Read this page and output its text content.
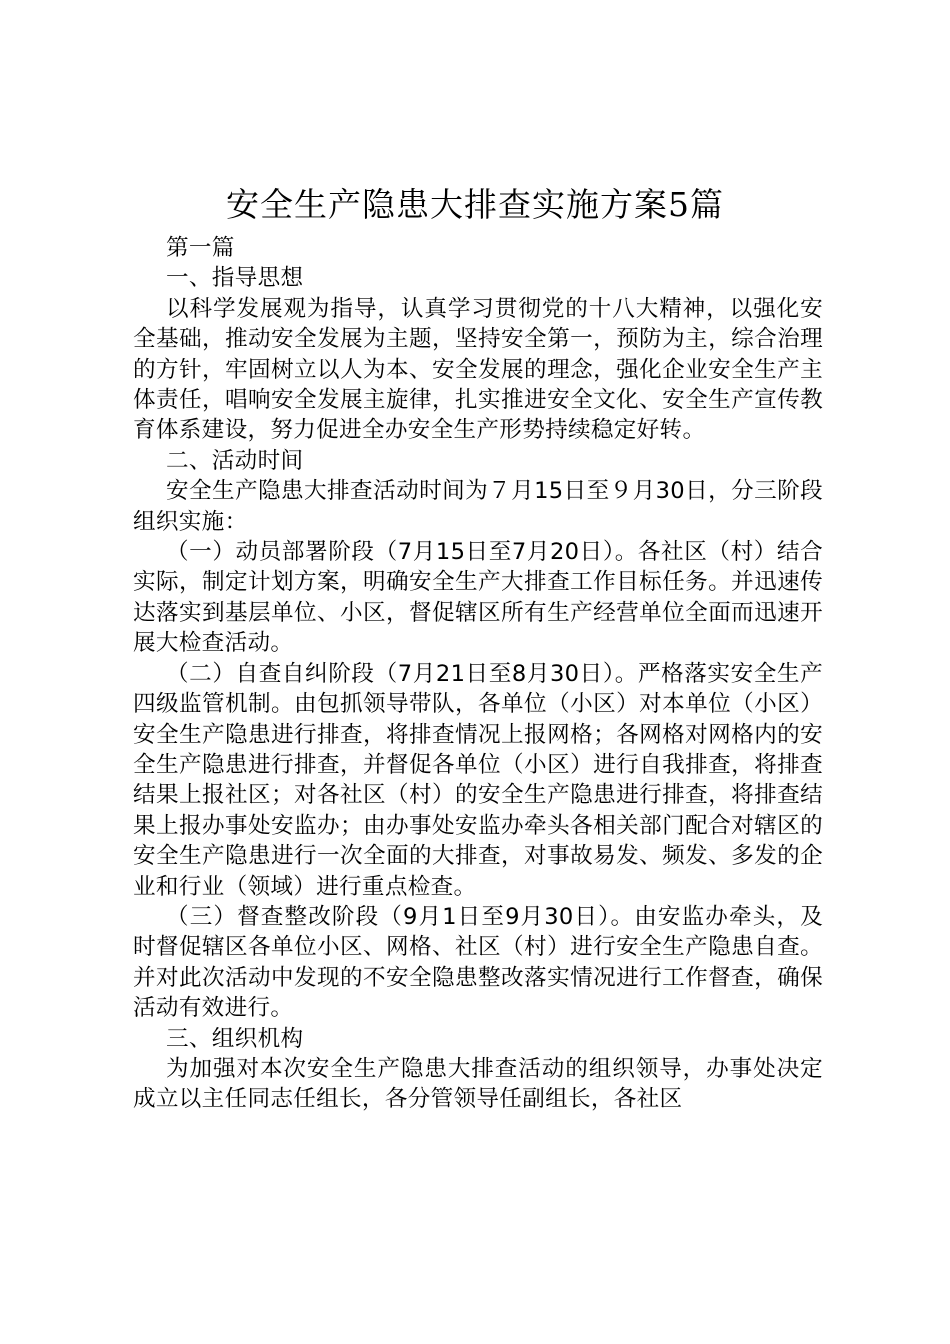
安全生产隐患大排查实施方案5篇

第一篇

一、指导思想

以科学发展观为指导，认真学习贯彻党的十八大精神，以强化安全基础，推动安全发展为主题，坚持安全第一，预防为主，综合治理的方针，牢固树立以人为本、安全发展的理念，强化企业安全生产主体责任，唱响安全发展主旋律，扎实推进安全文化、安全生产宣传教育体系建设，努力促进全办安全生产形势持续稳定好转。

二、活动时间

安全生产隐患大排查活动时间为７月15日至９月30日，分三阶段组织实施：

（一）动员部署阶段（7月15日至7月20日）。各社区（村）结合实际，制定计划方案，明确安全生产大排查工作目标任务。并迅速传达落实到基层单位、小区，督促辖区所有生产经营单位全面而迅速开展大检查活动。

（二）自查自纠阶段（7月21日至8月30日）。严格落实安全生产四级监管机制。由包抓领导带队，各单位（小区）对本单位（小区）安全生产隐患进行排查，将排查情况上报网格；各网格对网格内的安全生产隐患进行排查，并督促各单位（小区）进行自我排查，将排查结果上报社区；对各社区（村）的安全生产隐患进行排查，将排查结果上报办事处安监办；由办事处安监办牵头各相关部门配合对辖区的安全生产隐患进行一次全面的大排查，对事故易发、频发、多发的企业和行业（领域）进行重点检查。

（三）督查整改阶段（9月1日至9月30日）。由安监办牵头，及时督促辖区各单位小区、网格、社区（村）进行安全生产隐患自查。并对此次活动中发现的不安全隐患整改落实情况进行工作督查，确保活动有效进行。

三、组织机构

为加强对本次安全生产隐患大排查活动的组织领导，办事处决定成立以主任同志任组长，各分管领导任副组长，各社区
